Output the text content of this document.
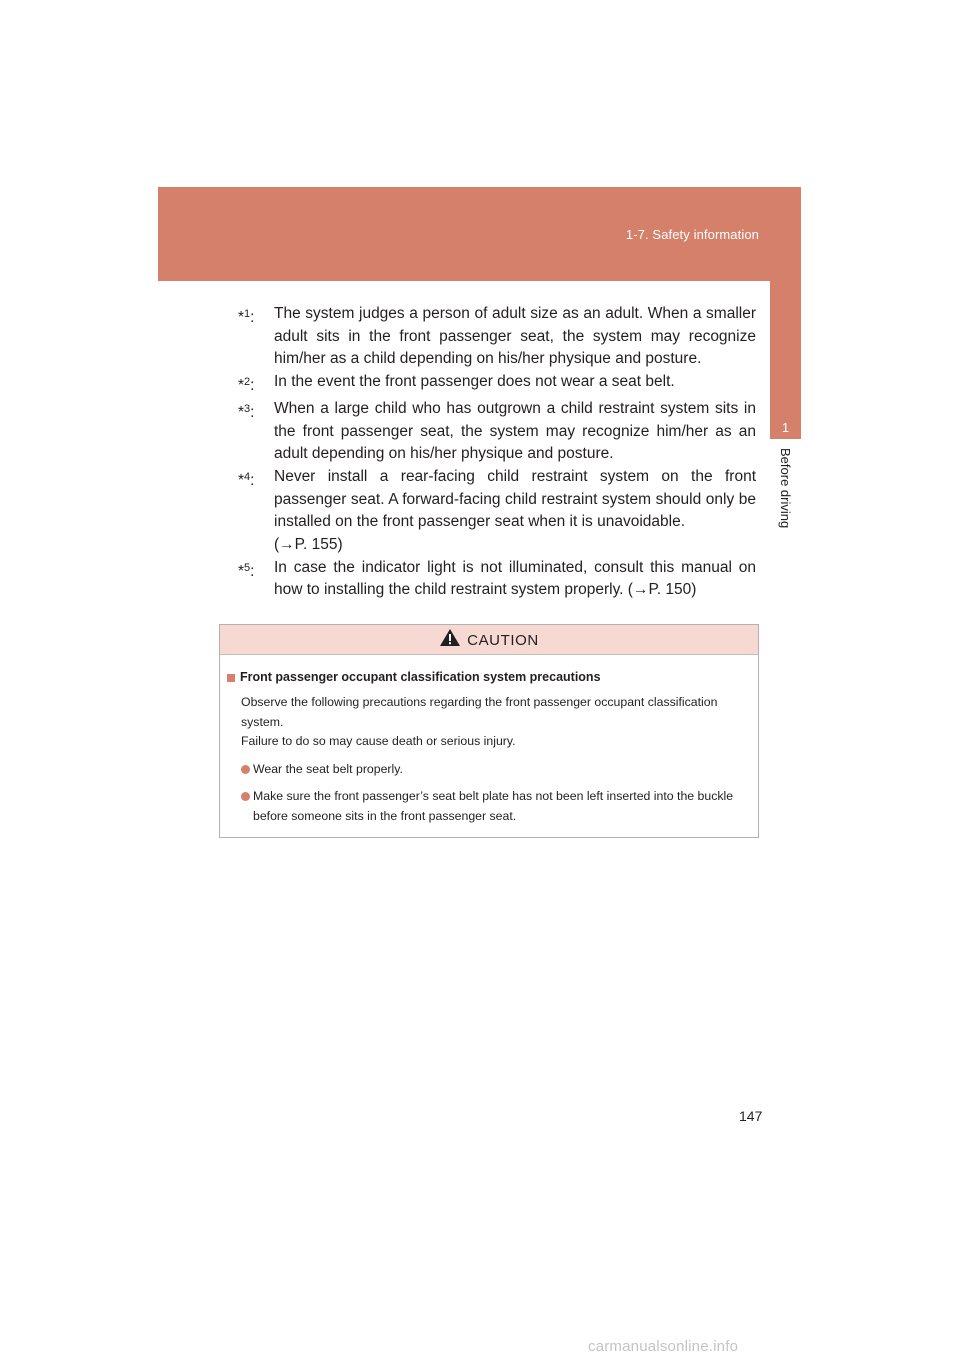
1-7. Safety information
1
Before driving
*$^1$:	The system judges a person of adult size as an adult. When a smaller adult sits in the front passenger seat, the system may recognize him/her as a child depending on his/her physique and posture.
*$^2$:	In the event the front passenger does not wear a seat belt.
*$^3$:	When a large child who has outgrown a child restraint system sits in the front passenger seat, the system may recognize him/her as an adult depending on his/her physique and posture.
*$^4$:	Never install a rear-facing child restraint system on the front passenger seat. A forward-facing child restraint system should only be installed on the front passenger seat when it is unavoidable.
(→P. 155)
*$^5$:	In case the indicator light is not illuminated, consult this manual on how to installing the child restraint system properly. (→P. 150)
CAUTION
Front passenger occupant classification system precautions
Observe the following precautions regarding the front passenger occupant classification system.
Failure to do so may cause death or serious injury.
Wear the seat belt properly.
Make sure the front passenger’s seat belt plate has not been left inserted into the buckle before someone sits in the front passenger seat.
147
carmanualsonline.info
